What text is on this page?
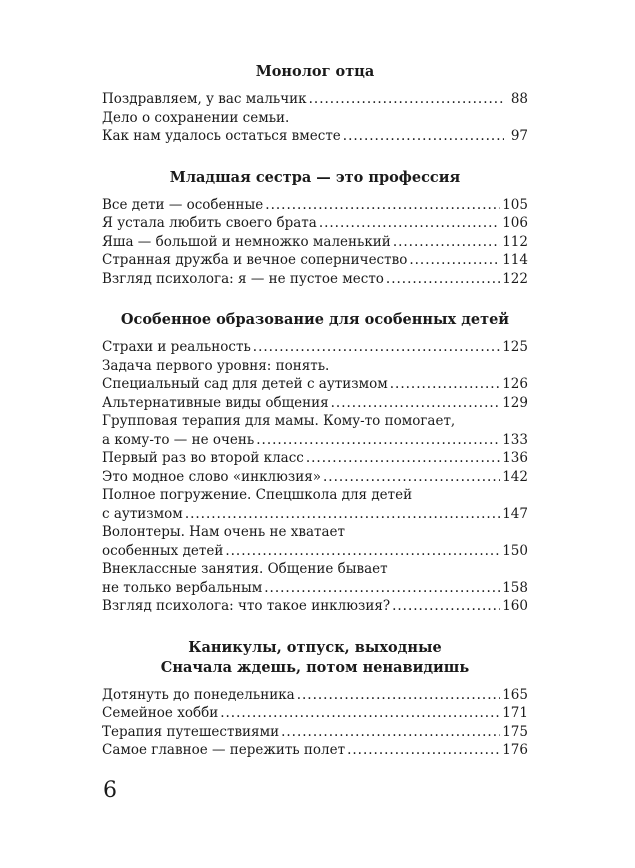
Монолог отца
Поздравляем, у вас мальчик .....	88
Дело о сохранении семьи.
Как нам удалось остаться вместе .....	97
Младшая сестра — это профессия
Все дети — особенные .....	105
Я устала любить своего брата .....	106
Яша — большой и немножко маленький .....	112
Странная дружба и вечное соперничество .....	114
Взгляд психолога: я — не пустое место .....	122
Особенное образование для особенных детей
Страхи и реальность .....	125
Задача первого уровня: понять.
Специальный сад для детей с аутизмом .....	126
Альтернативные виды общения .....	129
Групповая терапия для мамы. Кому-то помогает,
а кому-то — не очень .....	133
Первый раз во второй класс .....	136
Это модное слово «инклюзия» .....	142
Полное погружение. Спецшкола для детей
с аутизмом .....	147
Волонтеры. Нам очень не хватает
особенных детей .....	150
Внеклассные занятия. Общение бывает
не только вербальным .....	158
Взгляд психолога: что такое инклюзия? .....	160
Каникулы, отпуск, выходные
Сначала ждешь, потом ненавидишь
Дотянуть до понедельника .....	165
Семейное хобби .....	171
Терапия путешествиями .....	175
Самое главное — пережить полет .....	176
6
